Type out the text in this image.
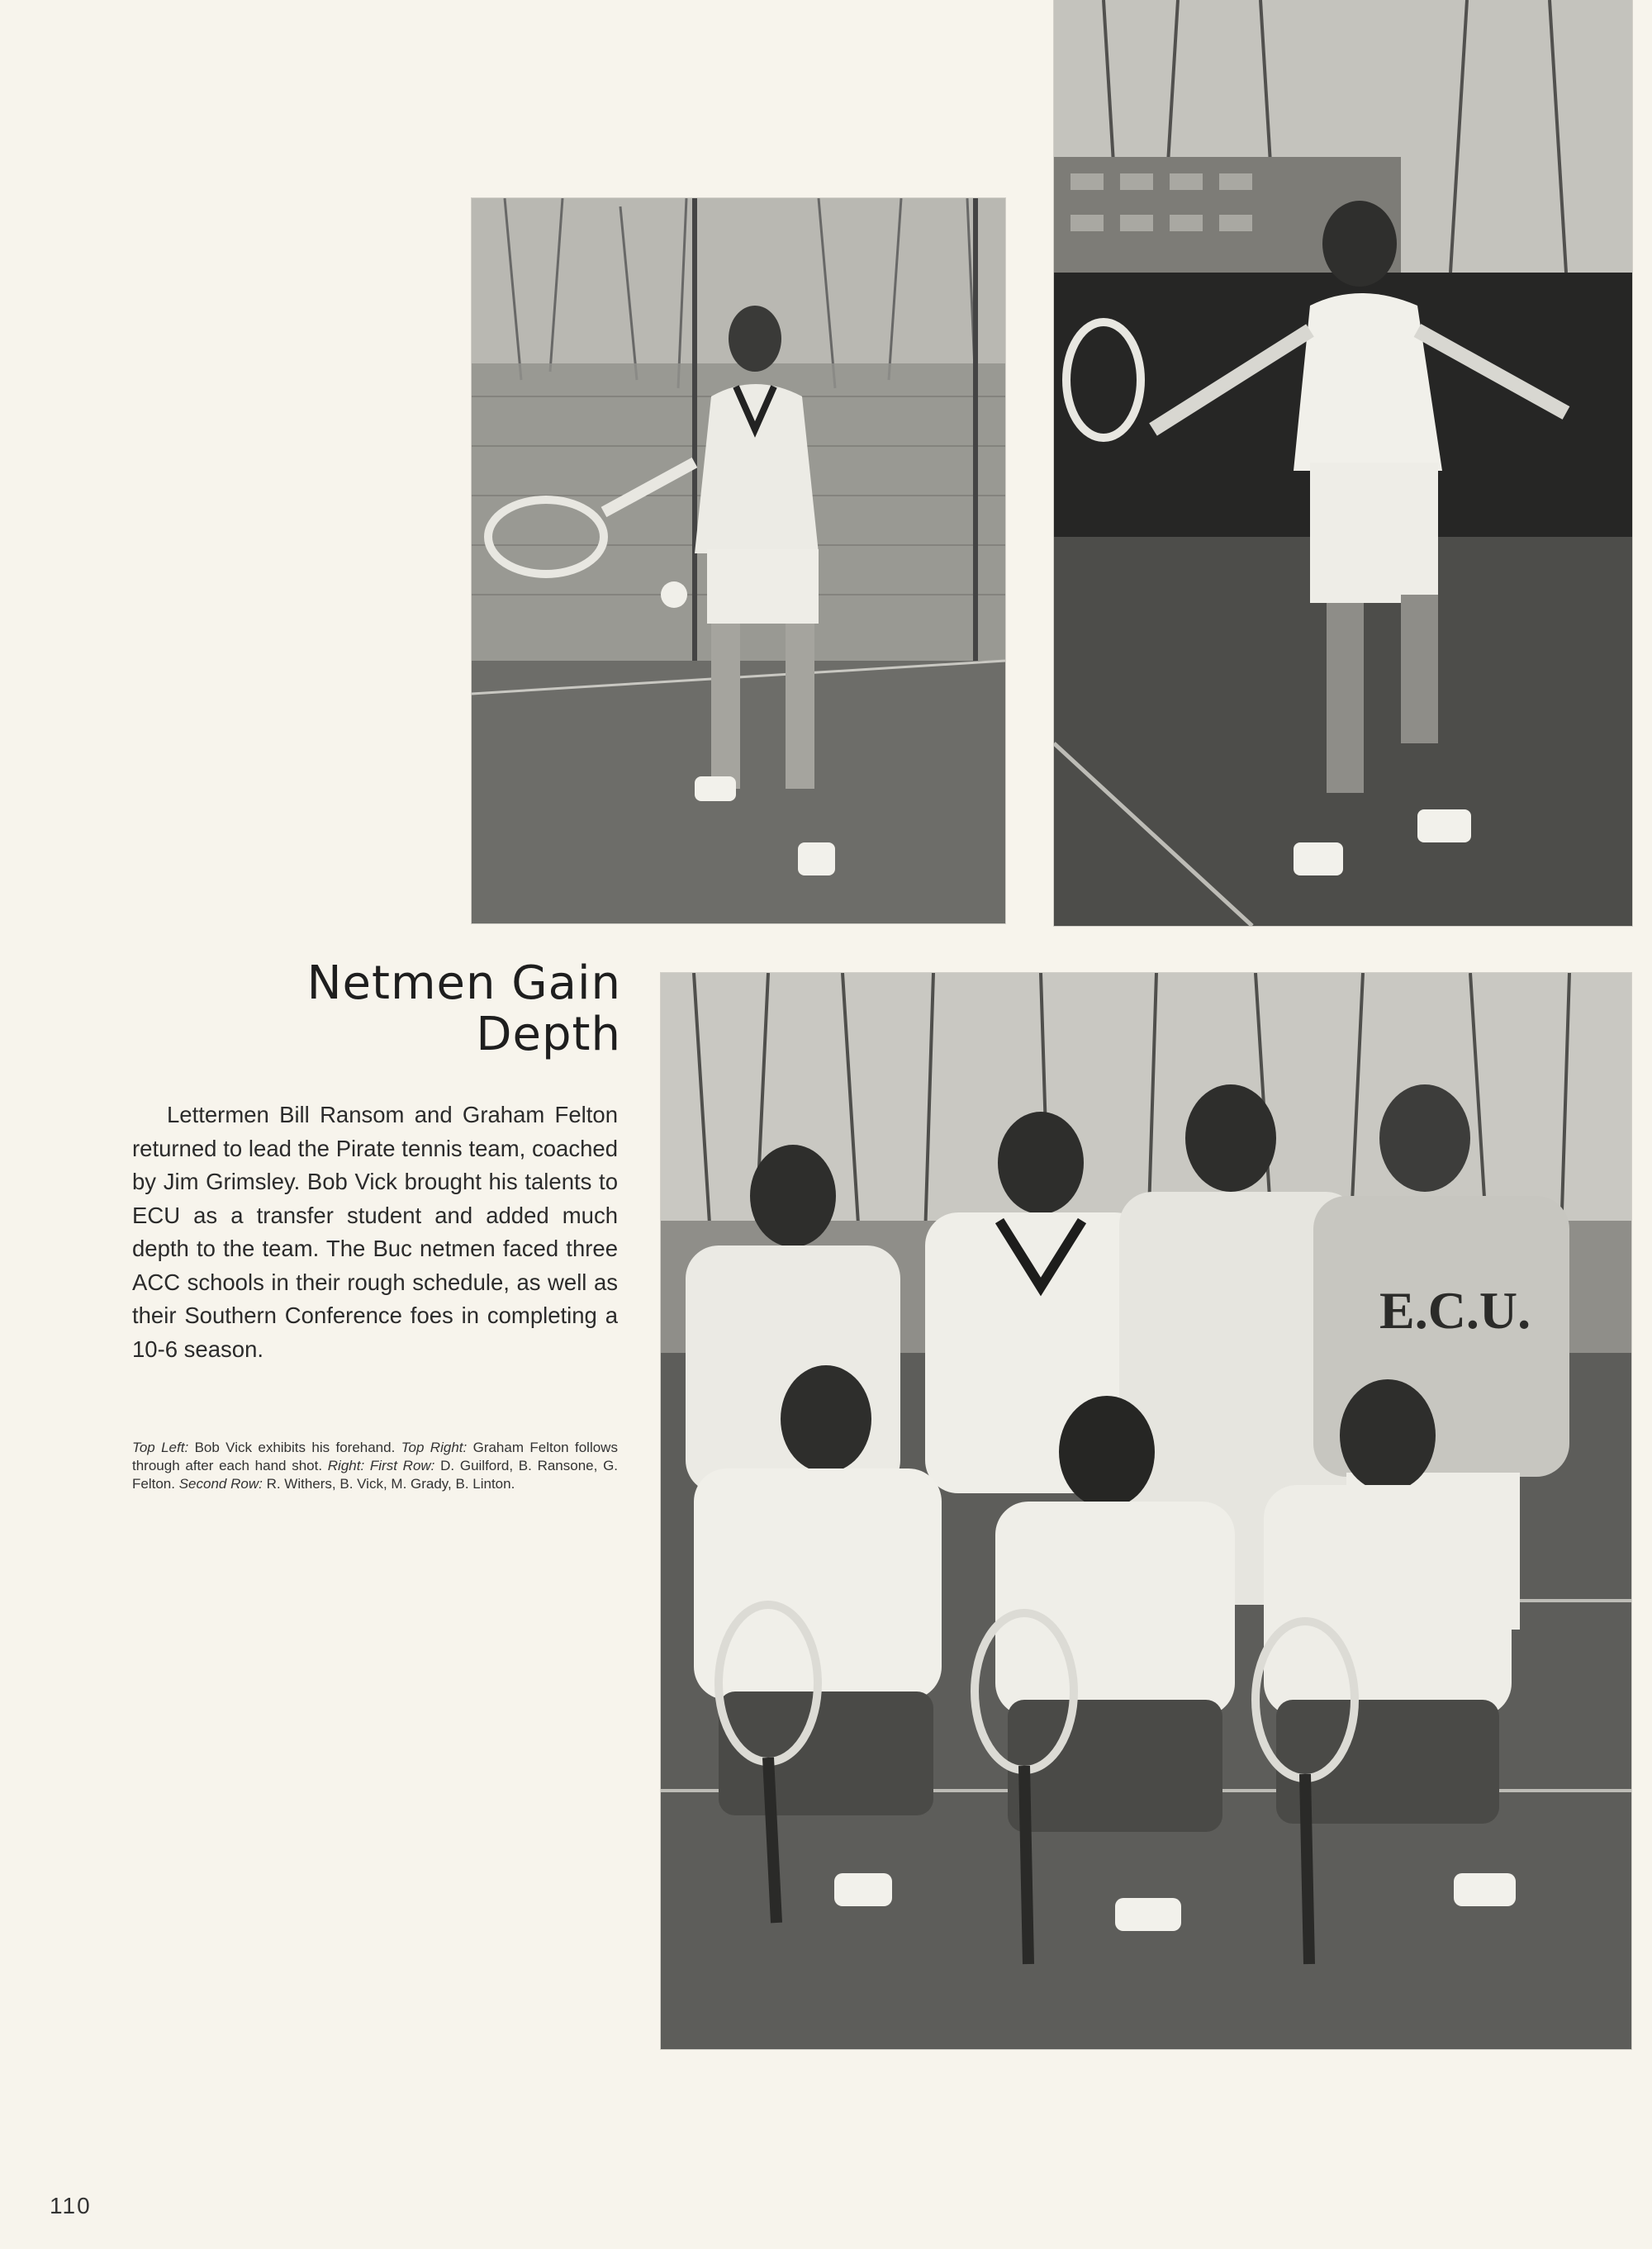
Netmen Gain
Depth

Lettermen Bill Ransom and Graham Felton returned to lead the Pirate tennis team, coached by Jim Grimsley. Bob Vick brought his talents to ECU as a transfer student and added much depth to the team. The Buc netmen faced three ACC schools in their rough schedule, as well as their Southern Conference foes in completing a 10-6 season.

Top Left: Bob Vick exhibits his forehand. Top Right: Graham Felton follows through after each hand shot. Right: First Row: D. Guilford, B. Ransone, G. Felton. Second Row: R. Withers, B. Vick, M. Grady, B. Linton.

E.C.U.
110
